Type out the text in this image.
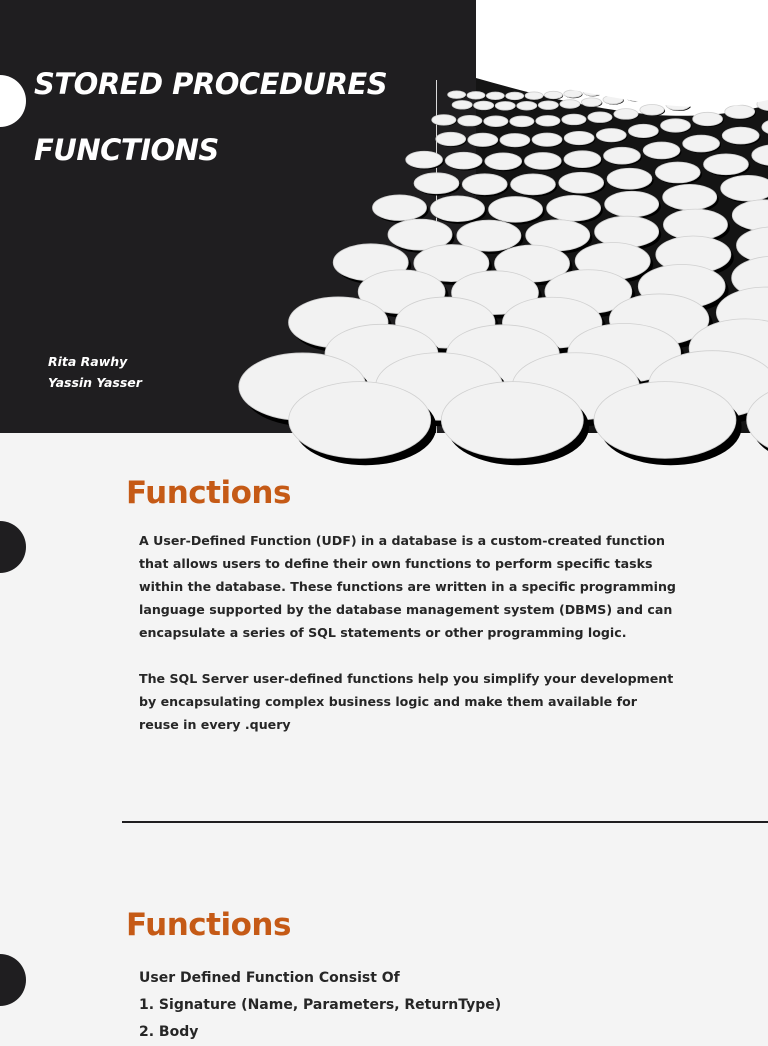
STORED PROCEDURES
FUNCTIONS

Rita Rawhy

Yassin Yasser

Functions

A User-Defined Function (UDF) in a database is a custom-created function that allows users to define their own functions to perform specific tasks within the database. These functions are written in a specific programming language supported by the database management system (DBMS) and can encapsulate a series of SQL statements or other programming logic.

The SQL Server user-defined functions help you simplify your development by encapsulating complex business logic and make them available for reuse in every .query

Functions
User Defined Function Consist Of
1. Signature (Name, Parameters, ReturnType)
2. Body
